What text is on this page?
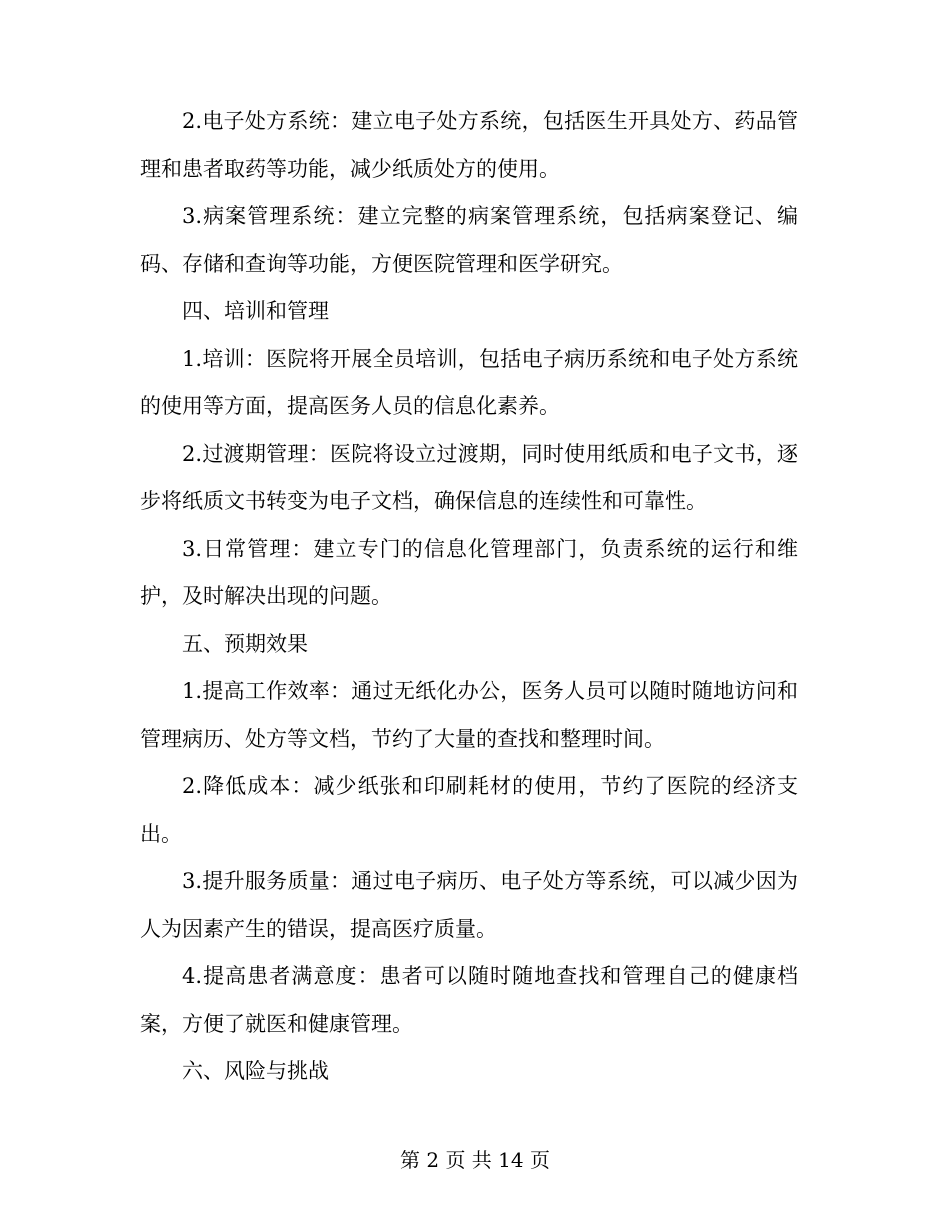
2.电子处方系统：建立电子处方系统，包括医生开具处方、药品管理和患者取药等功能，减少纸质处方的使用。

3.病案管理系统：建立完整的病案管理系统，包括病案登记、编码、存储和查询等功能，方便医院管理和医学研究。

四、培训和管理

1.培训：医院将开展全员培训，包括电子病历系统和电子处方系统的使用等方面，提高医务人员的信息化素养。

2.过渡期管理：医院将设立过渡期，同时使用纸质和电子文书，逐步将纸质文书转变为电子文档，确保信息的连续性和可靠性。

3.日常管理：建立专门的信息化管理部门，负责系统的运行和维护，及时解决出现的问题。

五、预期效果

1.提高工作效率：通过无纸化办公，医务人员可以随时随地访问和管理病历、处方等文档，节约了大量的查找和整理时间。

2.降低成本：减少纸张和印刷耗材的使用，节约了医院的经济支出。

3.提升服务质量：通过电子病历、电子处方等系统，可以减少因为人为因素产生的错误，提高医疗质量。

4.提高患者满意度：患者可以随时随地查找和管理自己的健康档案，方便了就医和健康管理。

六、风险与挑战

第 2 页 共 14 页
